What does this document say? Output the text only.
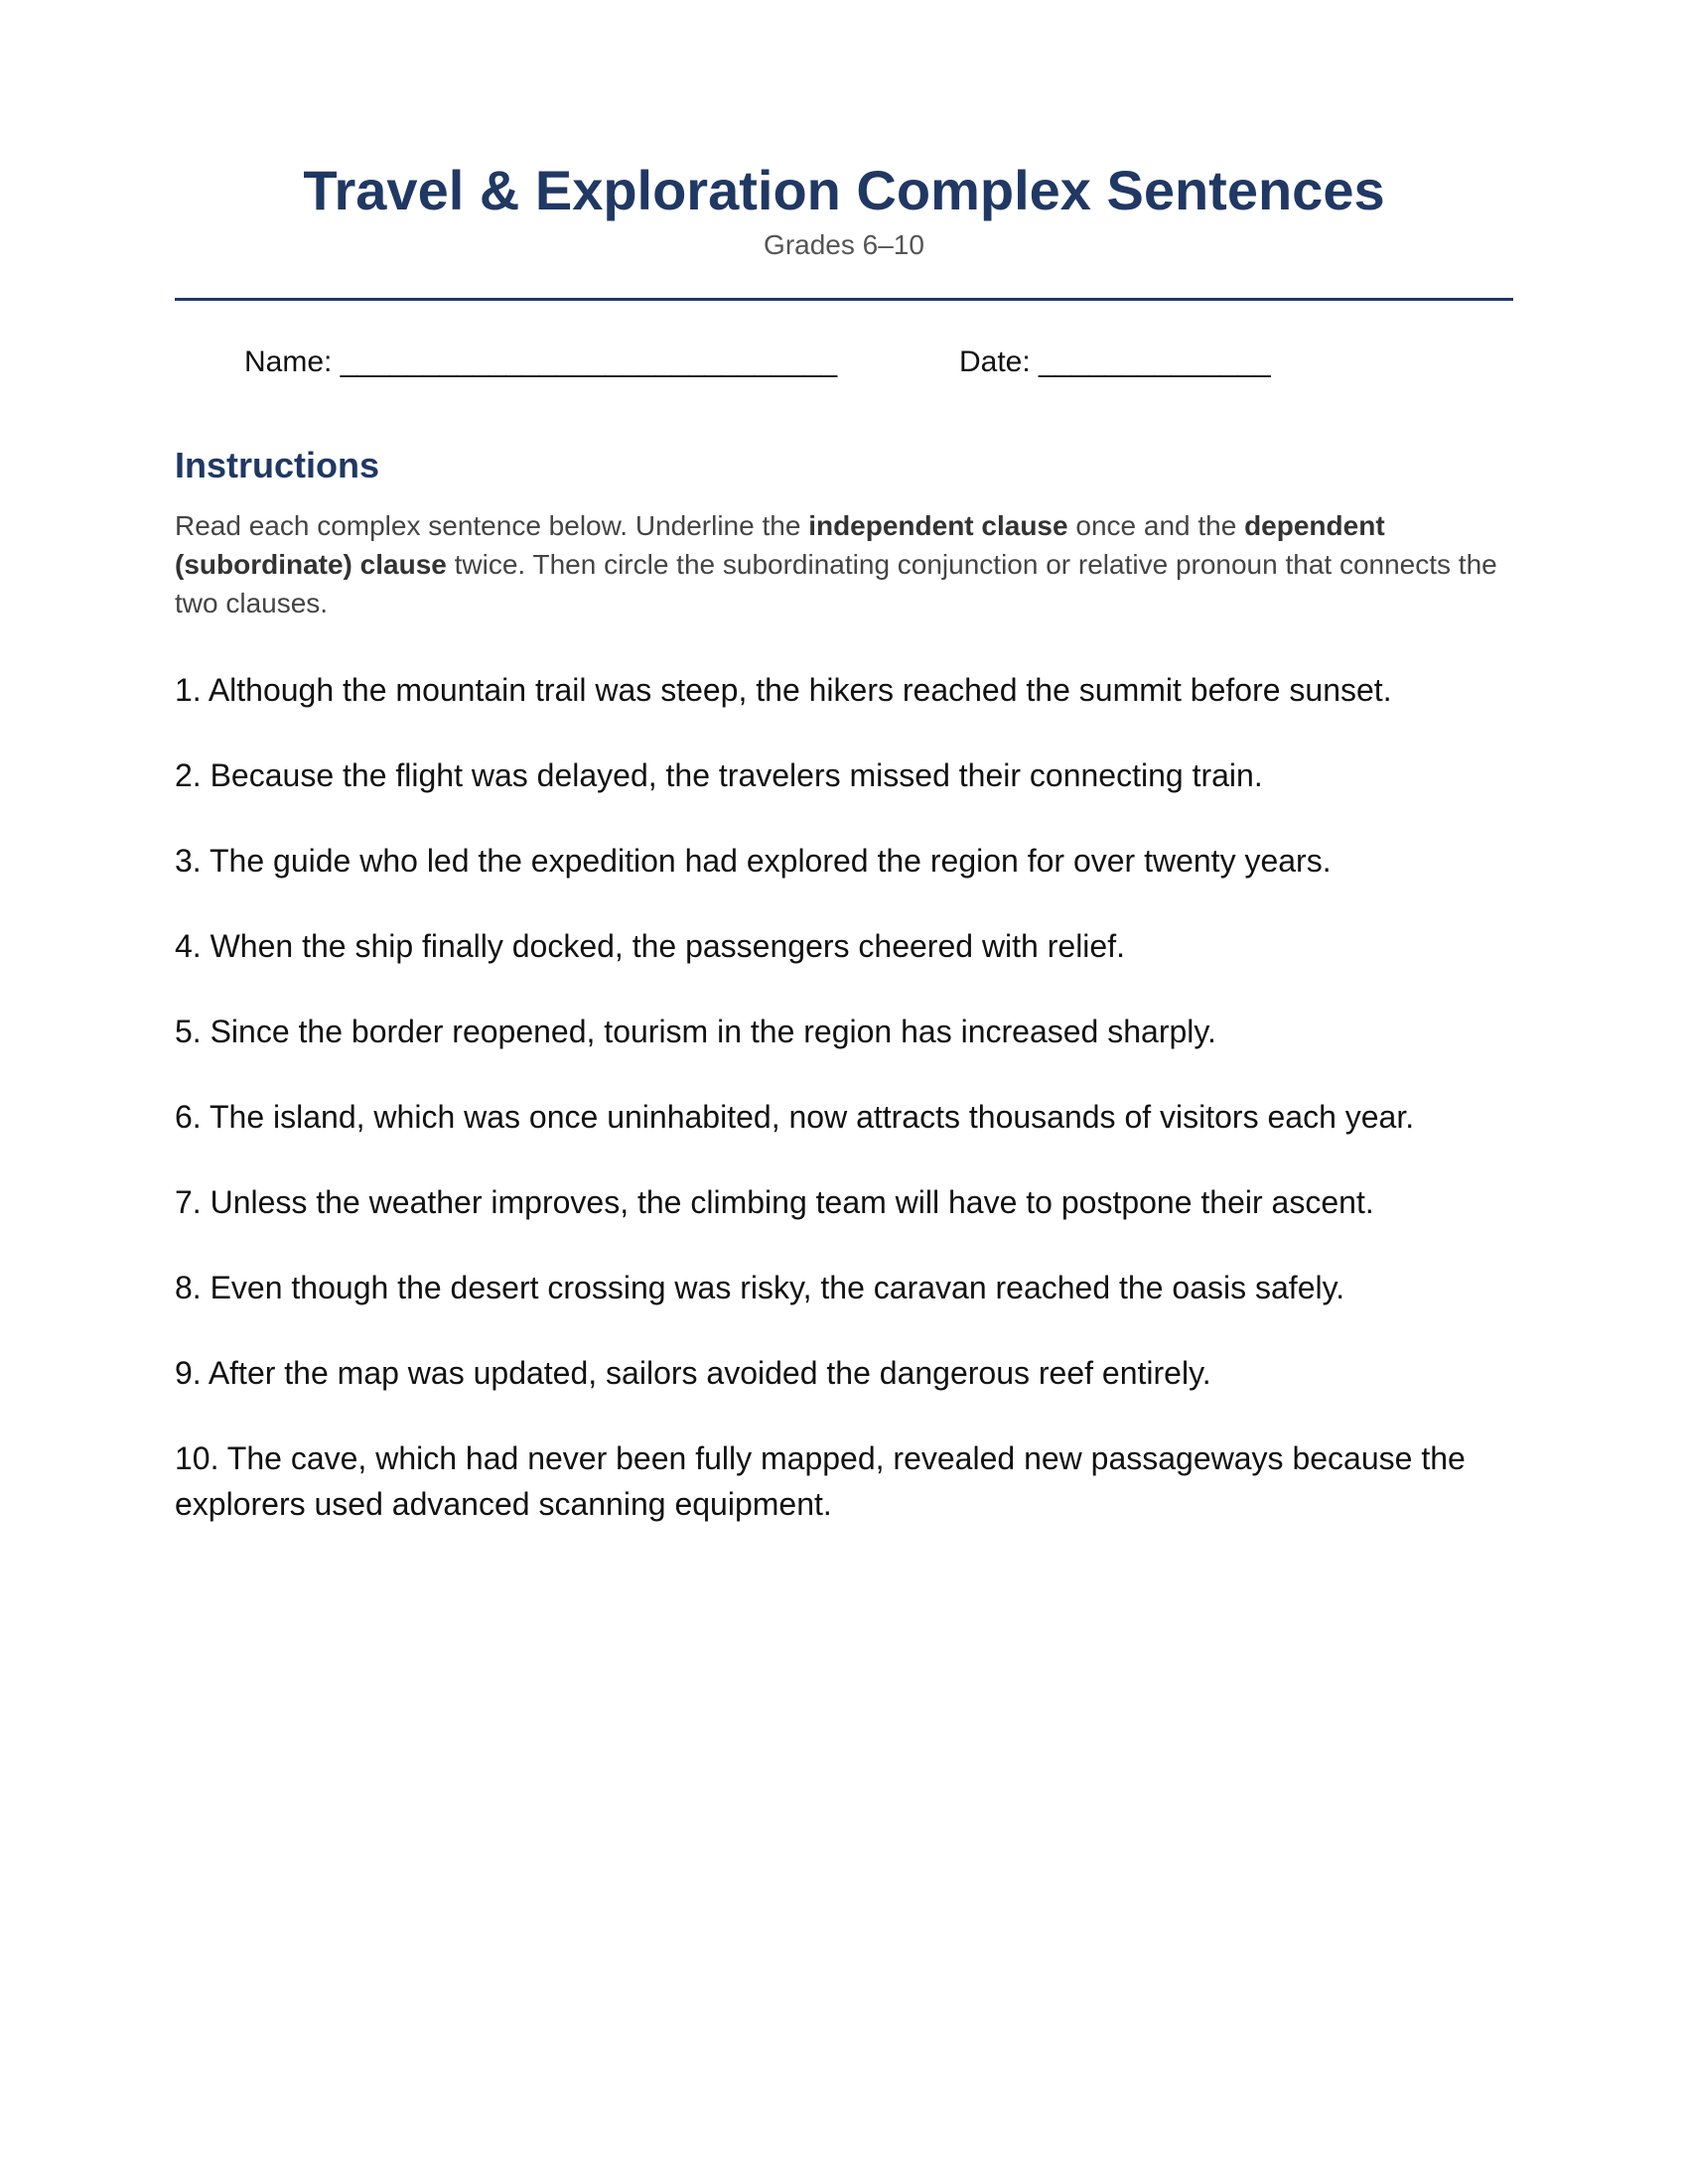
Travel & Exploration Complex Sentences
Grades 6–10
Name: ______________________________	Date: ______________
Instructions

Read each complex sentence below. Underline the independent clause once and the dependent (subordinate) clause twice. Then circle the subordinating conjunction or relative pronoun that connects the two clauses.

1. Although the mountain trail was steep, the hikers reached the summit before sunset.
2. Because the flight was delayed, the travelers missed their connecting train.
3. The guide who led the expedition had explored the region for over twenty years.
4. When the ship finally docked, the passengers cheered with relief.
5. Since the border reopened, tourism in the region has increased sharply.
6. The island, which was once uninhabited, now attracts thousands of visitors each year.
7. Unless the weather improves, the climbing team will have to postpone their ascent.
8. Even though the desert crossing was risky, the caravan reached the oasis safely.
9. After the map was updated, sailors avoided the dangerous reef entirely.
10. The cave, which had never been fully mapped, revealed new passageways because the explorers used advanced scanning equipment.
